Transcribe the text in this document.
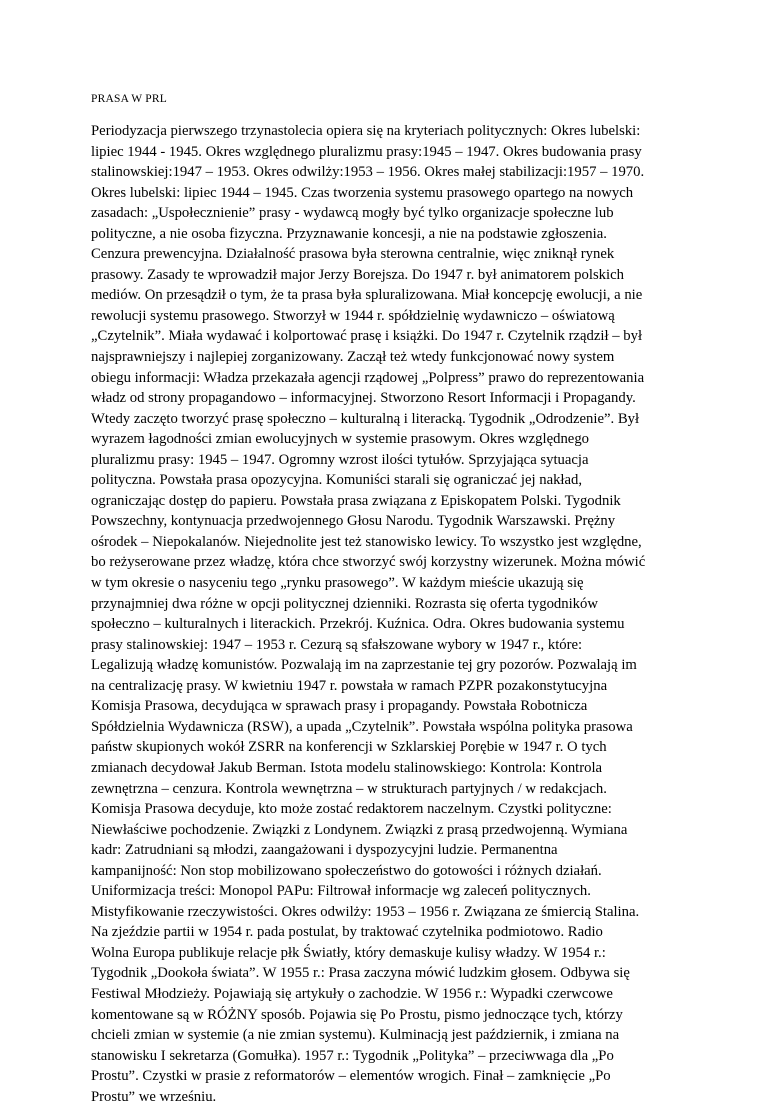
PRASA W PRL
Periodyzacja pierwszego trzynastolecia opiera się na kryteriach politycznych: Okres lubelski:
lipiec 1944 - 1945. Okres względnego pluralizmu prasy:1945 – 1947. Okres budowania prasy
stalinowskiej:1947 – 1953. Okres odwilży:1953 – 1956. Okres małej stabilizacji:1957 – 1970.
Okres lubelski: lipiec 1944 – 1945. Czas tworzenia systemu prasowego opartego na nowych
zasadach: „Uspołecznienie” prasy - wydawcą mogły być tylko organizacje społeczne lub
polityczne, a nie osoba fizyczna. Przyznawanie koncesji, a nie na podstawie zgłoszenia.
Cenzura prewencyjna. Działalność prasowa była sterowna centralnie, więc zniknął rynek
prasowy. Zasady te wprowadził major Jerzy Borejsza. Do 1947 r. był animatorem polskich
mediów. On przesądził o tym, że ta prasa była spluralizowana. Miał koncepcję ewolucji, a nie
rewolucji systemu prasowego. Stworzył w 1944 r. spółdzielnię wydawniczo – oświatową
„Czytelnik”. Miała wydawać i kolportować prasę i książki. Do 1947 r. Czytelnik rządził – był
najsprawniejszy i najlepiej zorganizowany. Zaczął też wtedy funkcjonować nowy system
obiegu informacji: Władza przekazała agencji rządowej „Polpress” prawo do reprezentowania
władz od strony propagandowo – informacyjnej. Stworzono Resort Informacji i Propagandy.
Wtedy zaczęto tworzyć prasę społeczno – kulturalną i literacką. Tygodnik „Odrodzenie”. Był
wyrazem łagodności zmian ewolucyjnych w systemie prasowym. Okres względnego
pluralizmu prasy: 1945 – 1947. Ogromny wzrost ilości tytułów. Sprzyjająca sytuacja
polityczna. Powstała prasa opozycyjna. Komuniści starali się ograniczać jej nakład,
ograniczając dostęp do papieru. Powstała prasa związana z Episkopatem Polski. Tygodnik
Powszechny, kontynuacja przedwojennego Głosu Narodu. Tygodnik Warszawski. Prężny
ośrodek – Niepokalanów. Niejednolite jest też stanowisko lewicy. To wszystko jest względne,
bo reżyserowane przez władzę, która chce stworzyć swój korzystny wizerunek. Można mówić
w tym okresie o nasyceniu tego „rynku prasowego”. W każdym mieście ukazują się
przynajmniej dwa różne w opcji politycznej dzienniki. Rozrasta się oferta tygodników
społeczno – kulturalnych i literackich. Przekrój. Kuźnica. Odra. Okres budowania systemu
prasy stalinowskiej: 1947 – 1953 r. Cezurą są sfałszowane wybory w 1947 r., które:
Legalizują władzę komunistów. Pozwalają im na zaprzestanie tej gry pozorów. Pozwalają im
na centralizację prasy. W kwietniu 1947 r. powstała w ramach PZPR pozakonstytucyjna
Komisja Prasowa, decydująca w sprawach prasy i propagandy. Powstała Robotnicza
Spółdzielnia Wydawnicza (RSW), a upada „Czytelnik”. Powstała wspólna polityka prasowa
państw skupionych wokół ZSRR na konferencji w Szklarskiej Porębie w 1947 r. O tych
zmianach decydował Jakub Berman. Istota modelu stalinowskiego: Kontrola: Kontrola
zewnętrzna – cenzura. Kontrola wewnętrzna – w strukturach partyjnych / w redakcjach.
Komisja Prasowa decyduje, kto może zostać redaktorem naczelnym. Czystki polityczne:
Niewłaściwe pochodzenie. Związki z Londynem. Związki z prasą przedwojenną. Wymiana
kadr: Zatrudniani są młodzi, zaangażowani i dyspozycyjni ludzie. Permanentna
kampanijność: Non stop mobilizowano społeczeństwo do gotowości i różnych działań.
Uniformizacja treści: Monopol PAPu: Filtrował informacje wg zaleceń politycznych.
Mistyfikowanie rzeczywistości. Okres odwilży: 1953 – 1956 r. Związana ze śmiercią Stalina.
Na zjeździe partii w 1954 r. pada postulat, by traktować czytelnika podmiotowo. Radio
Wolna Europa publikuje relacje płk Światły, który demaskuje kulisy władzy. W 1954 r.:
Tygodnik „Dookoła świata”. W 1955 r.: Prasa zaczyna mówić ludzkim głosem. Odbywa się
Festiwal Młodzieży. Pojawiają się artykuły o zachodzie. W 1956 r.: Wypadki czerwcowe
komentowane są w RÓŻNY sposób. Pojawia się Po Prostu, pismo jednoczące tych, którzy
chcieli zmian w systemie (a nie zmian systemu). Kulminacją jest październik, i zmiana na
stanowisku I sekretarza (Gomułka). 1957 r.: Tygodnik „Polityka” – przeciwwaga dla „Po
Prostu”. Czystki w prasie z reformatorów – elementów wrogich. Finał – zamknięcie „Po
Prostu” we wrześniu.
